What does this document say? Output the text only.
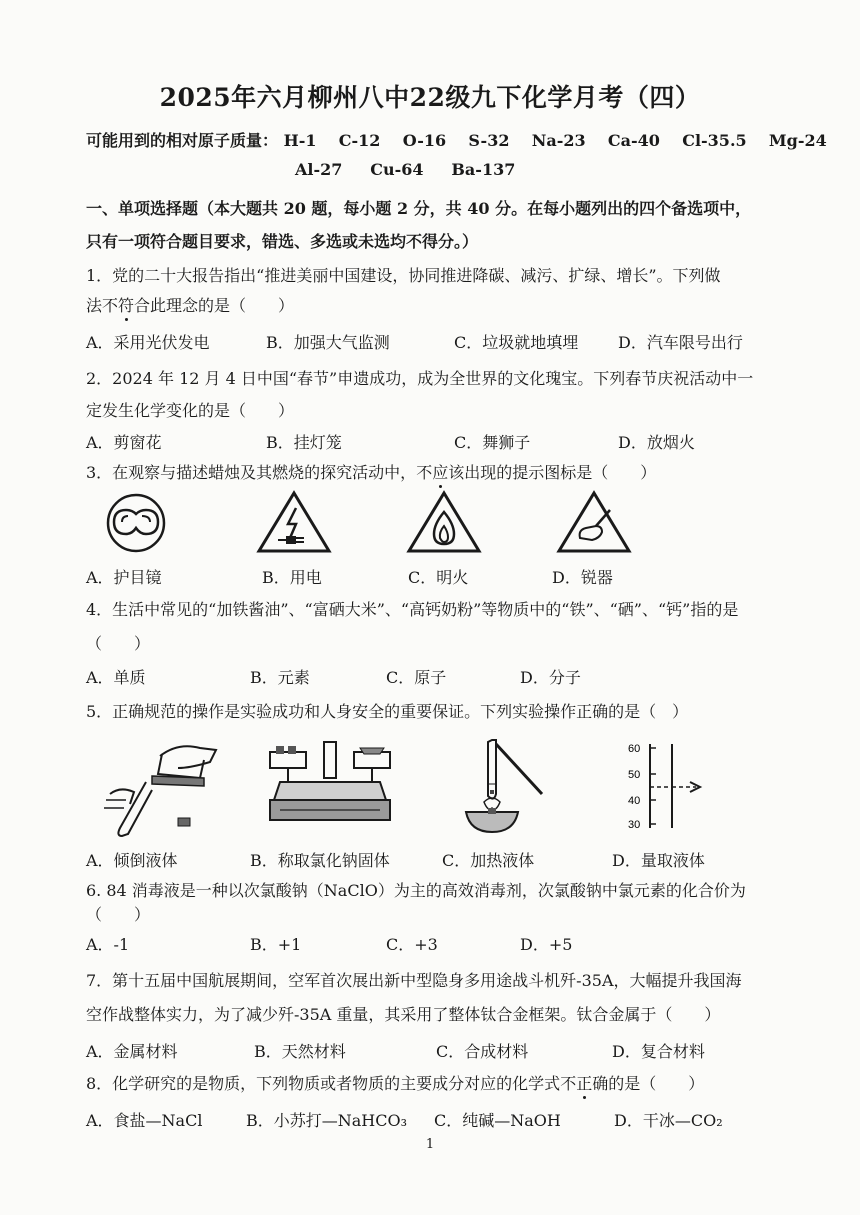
2025年六月柳州八中22级九下化学月考（四）
可能用到的相对原子质量： H-1 C-12 O-16 S-32 Na-23 Ca-40 Cl-35.5 Mg-24
Al-27 Cu-64 Ba-137
一、单项选择题（本大题共 20 题，每小题 2 分，共 40 分。在每小题列出的四个备选项中，
只有一项符合题目要求，错选、多选或未选均不得分。）
1．党的二十大报告指出“推进美丽中国建设，协同推进降碳、减污、扩绿、增长”。下列做
法不符合此理念的是（　　）
A．采用光伏发电	B．加强大气监测	C．垃圾就地填埋 D．汽车限号出行
2．2024 年 12 月 4 日中国“春节”申遗成功，成为全世界的文化瑰宝。下列春节庆祝活动中一
定发生化学变化的是（　　）
A．剪窗花	B．挂灯笼	C．舞狮子	D．放烟火
3．在观察与描述蜡烛及其燃烧的探究活动中，不应该出现的提示图标是（　　）
A．护目镜	B．用电	C．明火	D．锐器
4．生活中常见的“加铁酱油”、“富硒大米”、“高钙奶粉”等物质中的“铁”、“硒”、“钙”指的是
（　　）
A．单质	B．元素	C．原子	D．分子
5．正确规范的操作是实验成功和人身安全的重要保证。下列实验操作正确的是（　）
60
50
40
30
A．倾倒液体	B．称取氯化钠固体	C．加热液体	D．量取液体
6. 84 消毒液是一种以次氯酸钠（NaClO）为主的高效消毒剂，次氯酸钠中氯元素的化合价为
（　　）
A．-1	B．+1	C．+3	D．+5
7．第十五届中国航展期间，空军首次展出新中型隐身多用途战斗机歼-35A，大幅提升我国海
空作战整体实力，为了减少歼-35A 重量，其采用了整体钛合金框架。钛合金属于（　　）
A．金属材料	B．天然材料	C．合成材料	D．复合材料
8．化学研究的是物质，下列物质或者物质的主要成分对应的化学式不正确的是（　　）
A．食盐—NaCl	B．小苏打—NaHCO₃ C．纯碱—NaOH	D．干冰—CO₂
1
